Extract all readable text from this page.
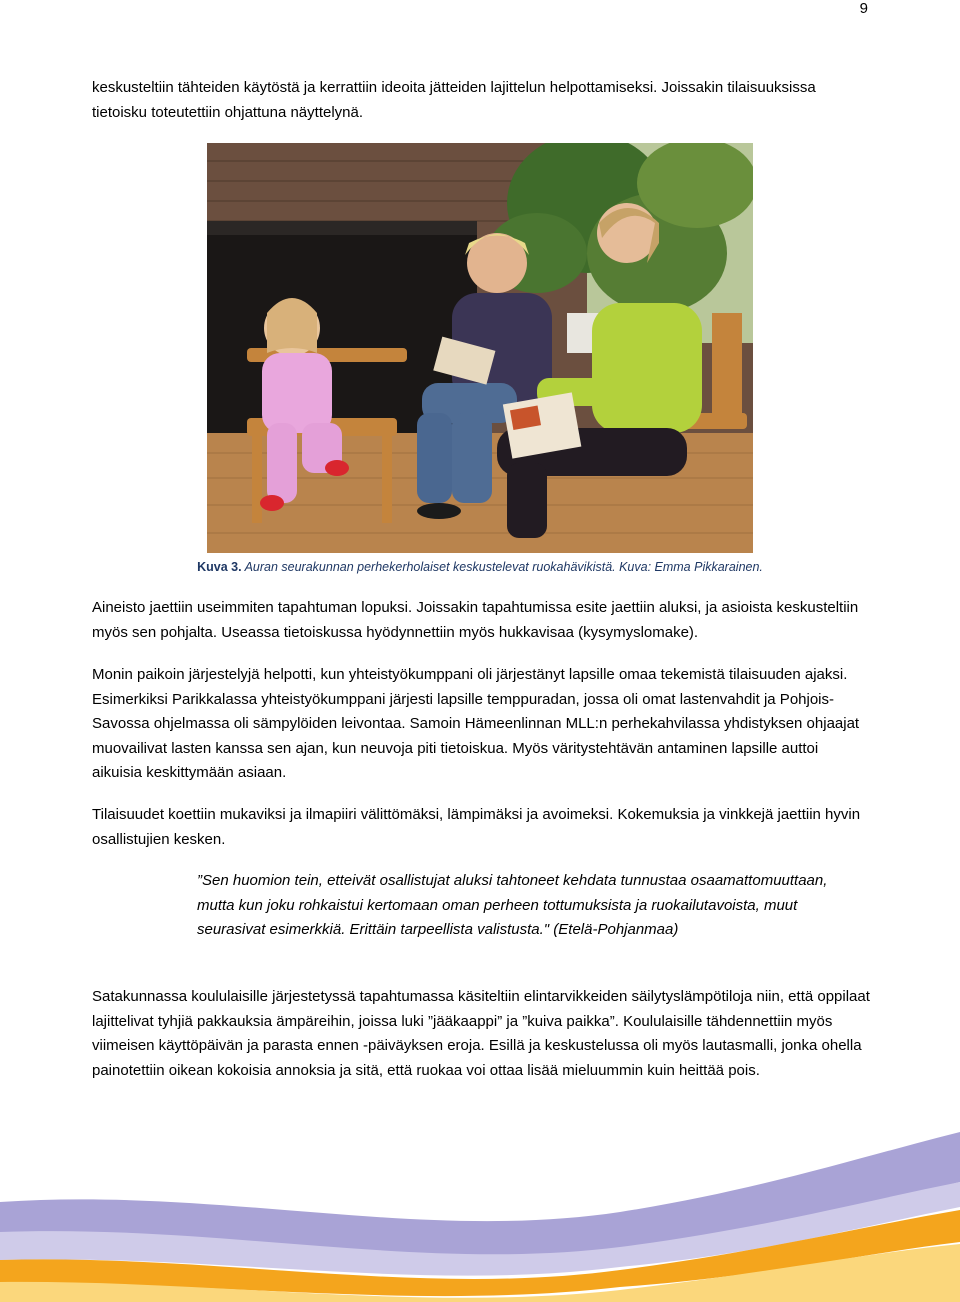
9

keskusteltiin tähteiden käytöstä ja kerrattiin ideoita jätteiden lajittelun helpottamiseksi. Joissakin tilaisuuksissa tietoisku toteutettiin ohjattuna näyttelynä.

Kuva 3. Auran seurakunnan perhekerholaiset keskustelevat ruokahävikistä. Kuva: Emma Pikkarainen.

Aineisto jaettiin useimmiten tapahtuman lopuksi. Joissakin tapahtumissa esite jaettiin aluksi, ja asioista keskusteltiin myös sen pohjalta. Useassa tietoiskussa hyödynnettiin myös hukkavisaa (kysymyslomake).

Monin paikoin järjestelyjä helpotti, kun yhteistyökumppani oli järjestänyt lapsille omaa tekemistä tilaisuuden ajaksi. Esimerkiksi Parikkalassa yhteistyökumppani järjesti lapsille temppuradan, jossa oli omat lastenvahdit ja Pohjois-Savossa ohjelmassa oli sämpylöiden leivontaa. Samoin Hämeenlinnan MLL:n perhekahvilassa yhdistyksen ohjaajat muovailivat lasten kanssa sen ajan, kun neuvoja piti tietoiskua. Myös väritystehtävän antaminen lapsille auttoi aikuisia keskittymään asiaan.

Tilaisuudet koettiin mukaviksi ja ilmapiiri välittömäksi, lämpimäksi ja avoimeksi. Kokemuksia ja vinkkejä jaettiin hyvin osallistujien kesken.

”Sen huomion tein, etteivät osallistujat aluksi tahtoneet kehdata tunnustaa osaamattomuuttaan, mutta kun joku rohkaistui kertomaan oman perheen tottumuksista ja ruokailutavoista, muut seurasivat esimerkkiä. Erittäin tarpeellista valistusta." (Etelä-Pohjanmaa)

Satakunnassa koululaisille järjestetyssä tapahtumassa käsiteltiin elintarvikkeiden säilytyslämpötiloja niin, että oppilaat lajittelivat tyhjiä pakkauksia ämpäreihin, joissa luki ”jääkaappi” ja ”kuiva paikka”. Koululaisille tähdennettiin myös viimeisen käyttöpäivän ja parasta ennen -päiväyksen eroja. Esillä ja keskustelussa oli myös lautasmalli, jonka ohella painotettiin oikean kokoisia annoksia ja sitä, että ruokaa voi ottaa lisää mieluummin kuin heittää pois.
